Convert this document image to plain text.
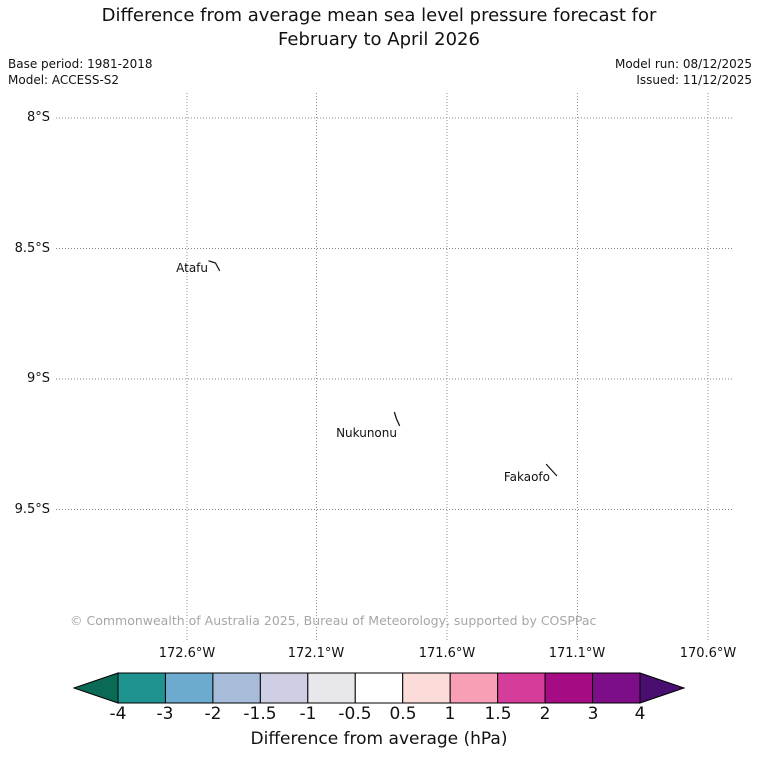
Difference from average mean sea level pressure forecast for
February to April 2026
Base period: 1981-2018
Model: ACCESS-S2
Model run: 08/12/2025
Issued: 11/12/2025
8°S
8.5°S
9°S
9.5°S
172.6°W	172.1°W	171.6°W	171.1°W	170.6°W
Atafu
Nukunonu
Fakaofo
© Commonwealth of Australia 2025, Bureau of Meteorology, supported by COSPPac
-4	-3	-2	-1.5	-1	-0.5	0.5	1	1.5	2	3	4
Difference from average (hPa)
